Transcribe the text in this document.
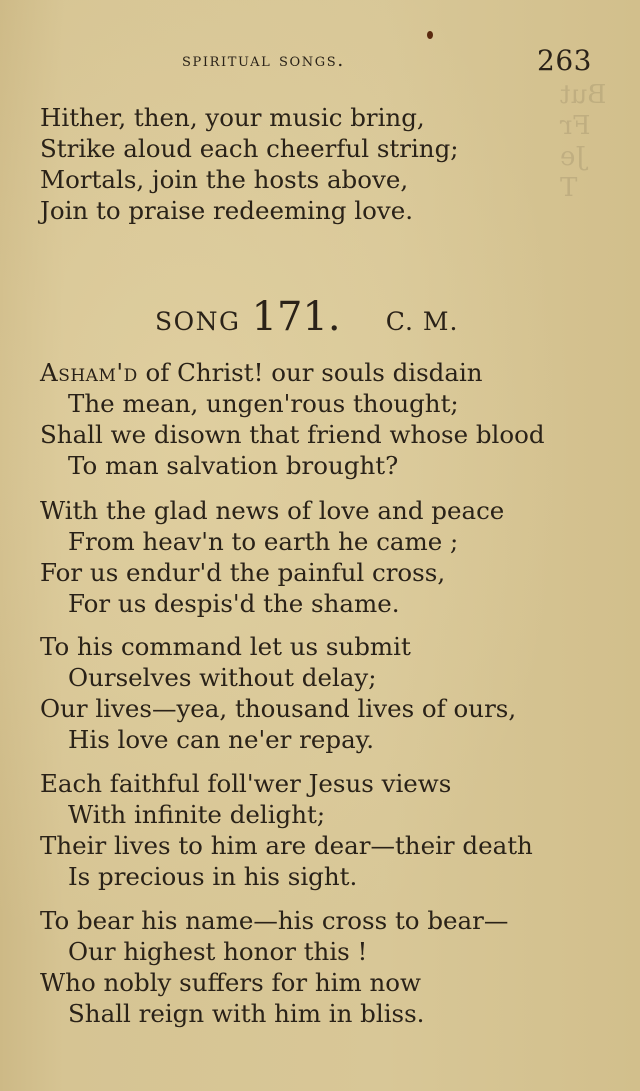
But
Fr
Je
T
spiritual songs.	263
Hither, then, your music bring,
Strike aloud each cheerful string;
Mortals, join the hosts above,
Join to praise redeeming love.
SONG 171. C. M.
Asham'd of Christ! our souls disdain
The mean, ungen'rous thought;
Shall we disown that friend whose blood
To man salvation brought?
With the glad news of love and peace
From heav'n to earth he came ;
For us endur'd the painful cross,
For us despis'd the shame.
To his command let us submit
Ourselves without delay;
Our lives—yea, thousand lives of ours,
His love can ne'er repay.
Each faithful foll'wer Jesus views
With infinite delight;
Their lives to him are dear—their death
Is precious in his sight.
To bear his name—his cross to bear—
Our highest honor this !
Who nobly suffers for him now
Shall reign with him in bliss.
